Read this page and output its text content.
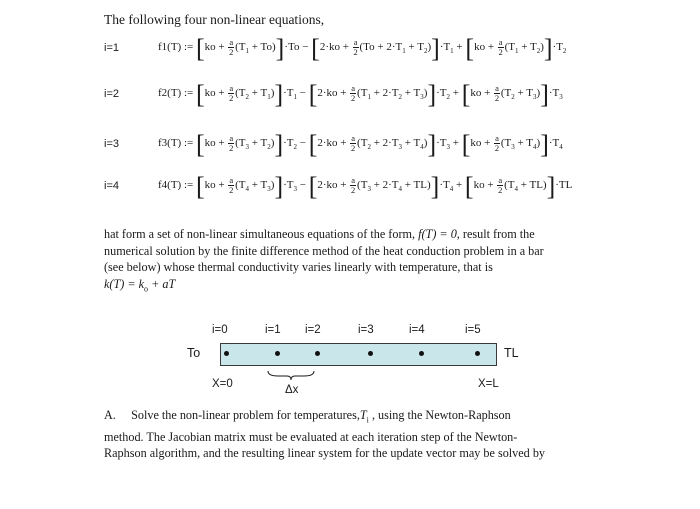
The following four non-linear equations,
i=1	f1(T) := $[ko + \frac{a}{2} (T_1 + To)]\cdot To - [2\cdot ko + \frac{a}{2} (To + 2\cdot T_1 + T_2)]\cdot T_1 + [ko + \frac{a}{2} (T_1 + T_2)]\cdot T_2$
i=2	f2(T) := $[ko + \frac{a}{2} (T_2 + T_1)]\cdot T_1 - [2\cdot ko + \frac{a}{2} (T_1 + 2\cdot T_2 + T_3)]\cdot T_2 + [ko + \frac{a}{2} (T_2 + T_3)]\cdot T_3$
i=3	f3(T) := $[ko + \frac{a}{2} (T_3 + T_2)]\cdot T_2 - [2\cdot ko + \frac{a}{2} (T_2 + 2\cdot T_3 + T_4)]\cdot T_3 + [ko + \frac{a}{2} (T_3 + T_4)]\cdot T_4$
i=4	f4(T) := $[ko + \frac{a}{2} (T_4 + T_3)]\cdot T_3 - [2\cdot ko + \frac{a}{2} (T_3 + 2\cdot T_4 + TL)]\cdot T_4 + [ko + \frac{a}{2} (T_4 + TL)]\cdot TL$
hat form a set of non-linear simultaneous equations of the form, f(T) = 0, result from the
numerical solution by the finite difference method of the heat conduction problem in a bar
(see below) whose thermal conductivity varies linearly with temperature, that is
$k(T) = k_o$ + aT
i=0	i=1 i=2	i=3	i=4	i=5
To	TL
X=0	Δx	X=L
A. Solve the non-linear problem for $temperatures,T_i$ , using the Newton-Raphson
method. The Jacobian matrix must be evaluated at each iteration step of the Newton-
Raphson algorithm, and the resulting linear system for the update vector may be solved by
